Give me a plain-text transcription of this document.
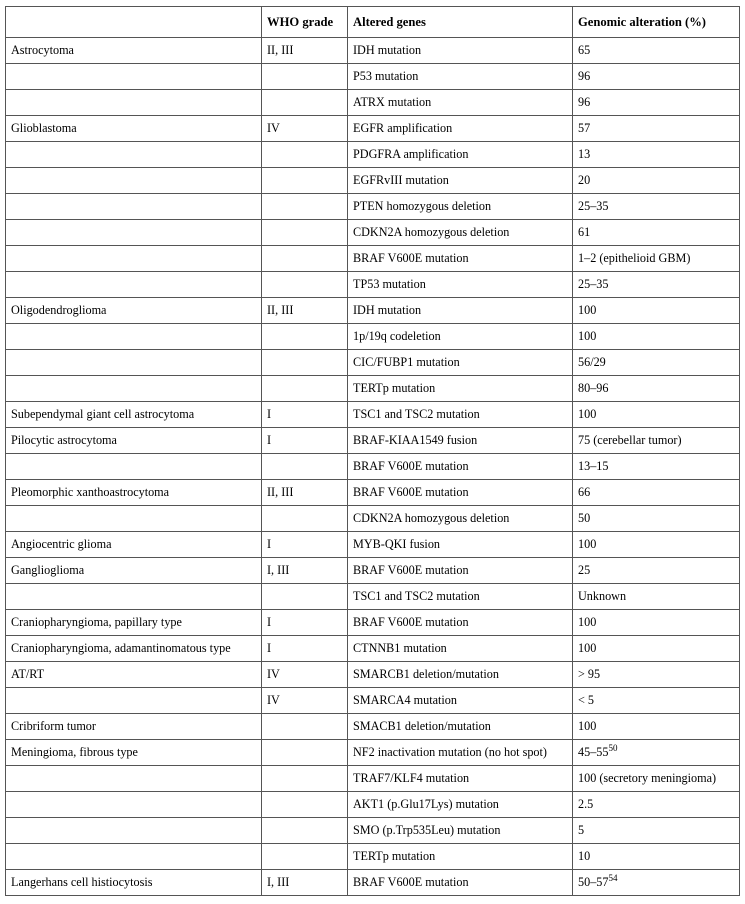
	WHO grade	Altered genes	Genomic alteration (%)
Astrocytoma	II, III	IDH mutation	65
		P53 mutation	96
		ATRX mutation	96
Glioblastoma	IV	EGFR amplification	57
		PDGFRA amplification	13
		EGFRvIII mutation	20
		PTEN homozygous deletion	25–35
		CDKN2A homozygous deletion	61
		BRAF V600E mutation	1–2 (epithelioid GBM)
		TP53 mutation	25–35
Oligodendroglioma	II, III	IDH mutation	100
		1p/19q codeletion	100
		CIC/FUBP1 mutation	56/29
		TERTp mutation	80–96
Subependymal giant cell astrocytoma	I	TSC1 and TSC2 mutation	100
Pilocytic astrocytoma	I	BRAF-KIAA1549 fusion	75 (cerebellar tumor)
		BRAF V600E mutation	13–15
Pleomorphic xanthoastrocytoma	II, III	BRAF V600E mutation	66
		CDKN2A homozygous deletion	50
Angiocentric glioma	I	MYB-QKI fusion	100
Ganglioglioma	I, III	BRAF V600E mutation	25
		TSC1 and TSC2 mutation	Unknown
Craniopharyngioma, papillary type	I	BRAF V600E mutation	100
Craniopharyngioma, adamantinomatous type	I	CTNNB1 mutation	100
AT/RT	IV	SMARCB1 deletion/mutation	> 95
	IV	SMARCA4 mutation	< 5
Cribriform tumor		SMACB1 deletion/mutation	100
Meningioma, fibrous type		NF2 inactivation mutation (no hot spot)	$45-55^{50}$
		TRAF7/KLF4 mutation	100 (secretory meningioma)
		AKT1 (p.Glu17Lys) mutation	2.5
		SMO (p.Trp535Leu) mutation	5
		TERTp mutation	10
Langerhans cell histiocytosis	I, III	BRAF V600E mutation	$50-57^{54}$
